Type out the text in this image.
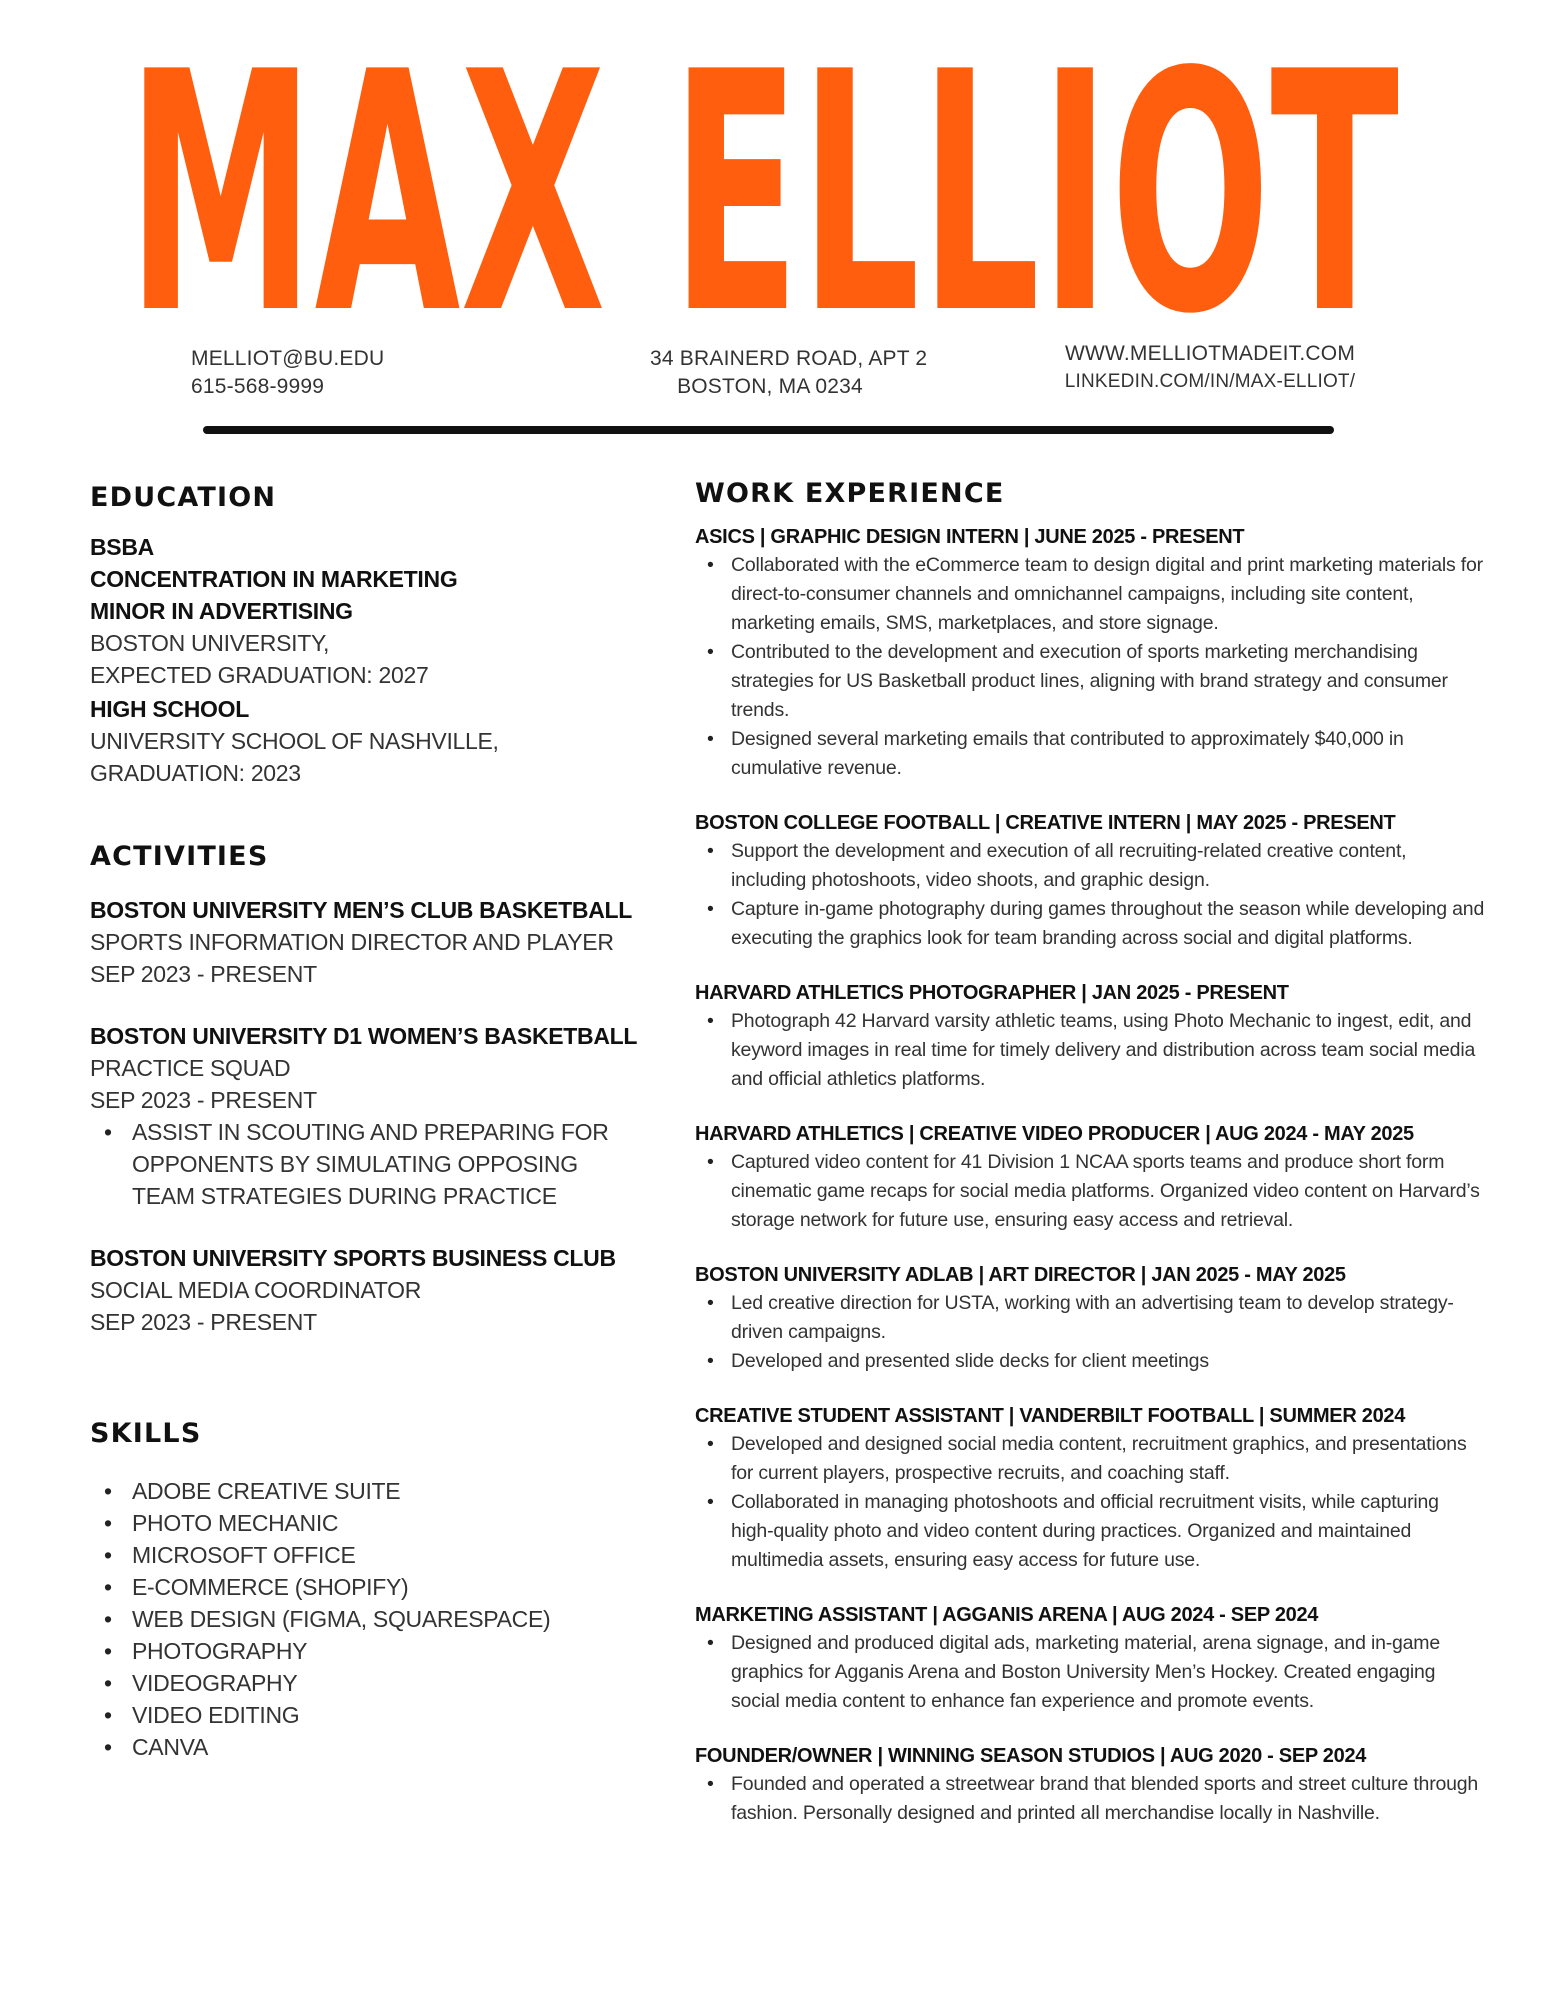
MAX ELLIOT
MELLIOT@BU.EDU
615-568-9999
34 BRAINERD ROAD, APT 2
BOSTON, MA 0234
WWW.MELLIOTMADEIT.COM
LINKEDIN.COM/IN/MAX-ELLIOT/
EDUCATION
BSBA
CONCENTRATION IN MARKETING
MINOR IN ADVERTISING
BOSTON UNIVERSITY,
EXPECTED GRADUATION: 2027
HIGH SCHOOL
UNIVERSITY SCHOOL OF NASHVILLE,
GRADUATION: 2023
ACTIVITIES
BOSTON UNIVERSITY MEN’S CLUB BASKETBALL
SPORTS INFORMATION DIRECTOR AND PLAYER
SEP 2023 - PRESENT
BOSTON UNIVERSITY D1 WOMEN’S BASKETBALL
PRACTICE SQUAD
SEP 2023 - PRESENT
• ASSIST IN SCOUTING AND PREPARING FOR OPPONENTS BY SIMULATING OPPOSING TEAM STRATEGIES DURING PRACTICE
BOSTON UNIVERSITY SPORTS BUSINESS CLUB
SOCIAL MEDIA COORDINATOR
SEP 2023 - PRESENT
SKILLS
• ADOBE CREATIVE SUITE
• PHOTO MECHANIC
• MICROSOFT OFFICE
• E-COMMERCE (SHOPIFY)
• WEB DESIGN (FIGMA, SQUARESPACE)
• PHOTOGRAPHY
• VIDEOGRAPHY
• VIDEO EDITING
• CANVA
WORK EXPERIENCE
ASICS | GRAPHIC DESIGN INTERN | JUNE 2025 - PRESENT
• Collaborated with the eCommerce team to design digital and print marketing materials for direct-to-consumer channels and omnichannel campaigns, including site content, marketing emails, SMS, marketplaces, and store signage.
• Contributed to the development and execution of sports marketing merchandising strategies for US Basketball product lines, aligning with brand strategy and consumer trends.
• Designed several marketing emails that contributed to approximately $40,000 in cumulative revenue.
BOSTON COLLEGE FOOTBALL | CREATIVE INTERN | MAY 2025 - PRESENT
• Support the development and execution of all recruiting-related creative content, including photoshoots, video shoots, and graphic design.
• Capture in-game photography during games throughout the season while developing and executing the graphics look for team branding across social and digital platforms.
HARVARD ATHLETICS PHOTOGRAPHER | JAN 2025 - PRESENT
• Photograph 42 Harvard varsity athletic teams, using Photo Mechanic to ingest, edit, and keyword images in real time for timely delivery and distribution across team social media and official athletics platforms.
HARVARD ATHLETICS | CREATIVE VIDEO PRODUCER | AUG 2024 - MAY 2025
• Captured video content for 41 Division 1 NCAA sports teams and produce short form cinematic game recaps for social media platforms. Organized video content on Harvard’s storage network for future use, ensuring easy access and retrieval.
BOSTON UNIVERSITY ADLAB | ART DIRECTOR | JAN 2025 - MAY 2025
• Led creative direction for USTA, working with an advertising team to develop strategy-driven campaigns.
• Developed and presented slide decks for client meetings
CREATIVE STUDENT ASSISTANT | VANDERBILT FOOTBALL | SUMMER 2024
• Developed and designed social media content, recruitment graphics, and presentations for current players, prospective recruits, and coaching staff.
• Collaborated in managing photoshoots and official recruitment visits, while capturing high-quality photo and video content during practices. Organized and maintained multimedia assets, ensuring easy access for future use.
MARKETING ASSISTANT | AGGANIS ARENA | AUG 2024 - SEP 2024
• Designed and produced digital ads, marketing material, arena signage, and in-game graphics for Agganis Arena and Boston University Men’s Hockey. Created engaging social media content to enhance fan experience and promote events.
FOUNDER/OWNER | WINNING SEASON STUDIOS | AUG 2020 - SEP 2024
• Founded and operated a streetwear brand that blended sports and street culture through fashion. Personally designed and printed all merchandise locally in Nashville.
